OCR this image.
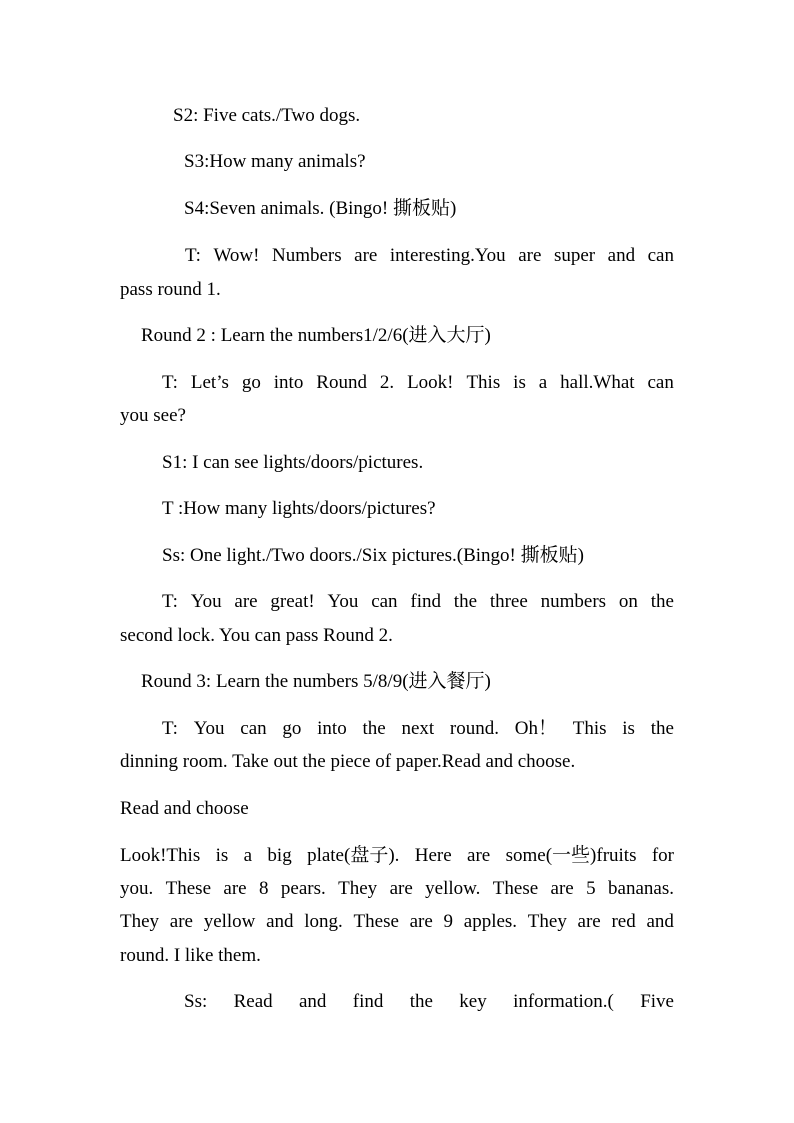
S2: Five cats./Two dogs.
S3:How many animals?
S4:Seven animals. (Bingo! 撕板贴)
T: Wow! Numbers are interesting.You are super and can
pass round 1.
Round 2 : Learn the numbers1/2/6(进入大厅)
T: Let’s go into Round 2. Look! This is a hall.What can
you see?
S1: I can see lights/doors/pictures.
T :How many lights/doors/pictures?
Ss: One light./Two doors./Six pictures.(Bingo! 撕板贴)
T: You are great! You can find the three numbers on the
second lock. You can pass Round 2.
Round 3: Learn the numbers 5/8/9(进入餐厅)
T: You can go into the next round. Oh！ This is the
dinning room. Take out the piece of paper.Read and choose.
Read and choose
Look!This is a big plate(盘子). Here are some(一些)fruits for
you. These are 8 pears. They are yellow. These are 5 bananas.
They are yellow and long. These are 9 apples. They are red and
round. I like them.
Ss: Read and find the key information.( Five
